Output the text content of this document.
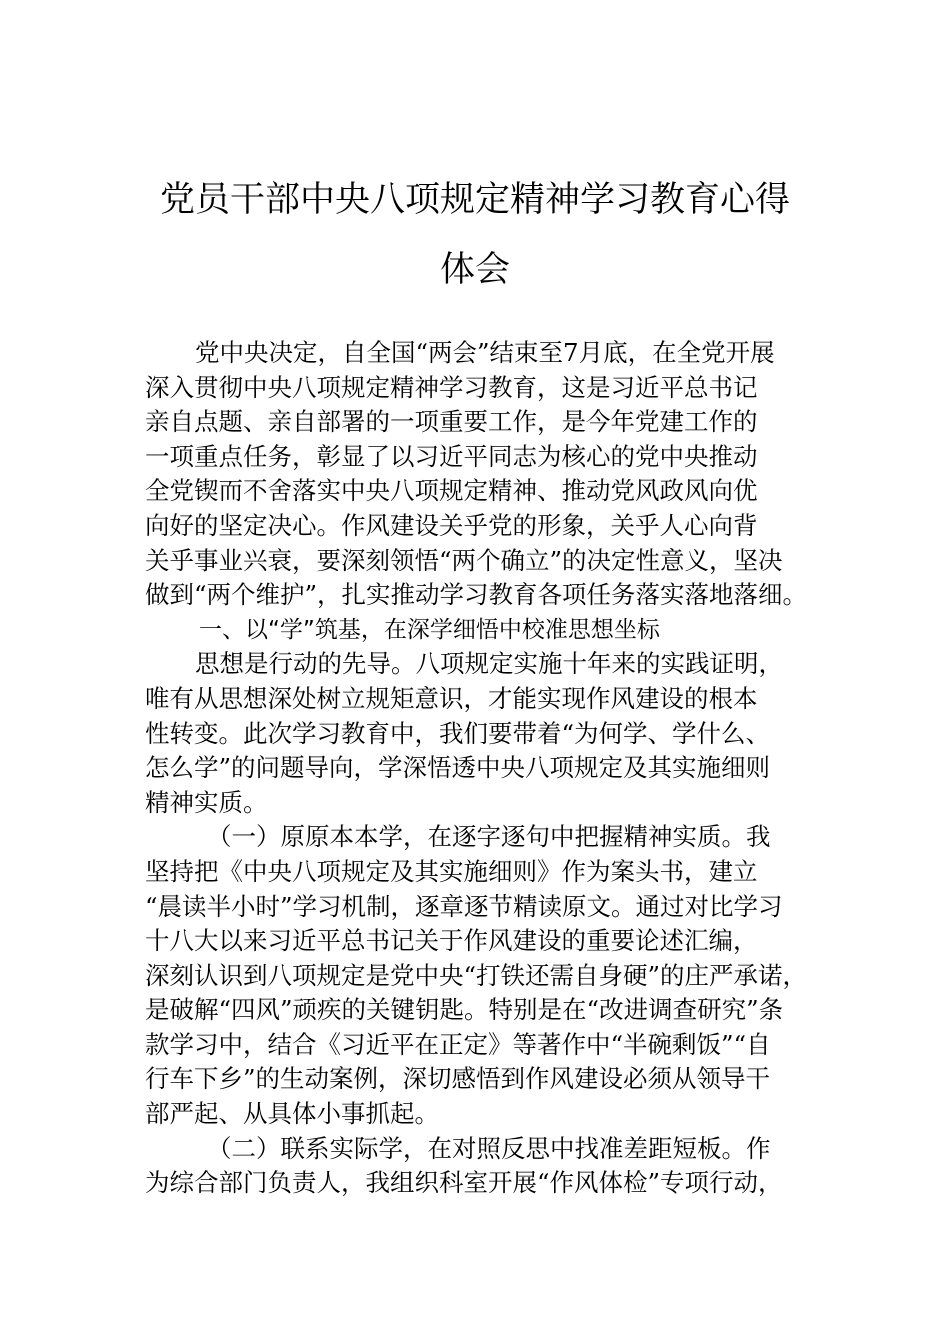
党员干部中央八项规定精神学习教育心得
体会
党中央决定，自全国“两会”结束至7月底，在全党开展
深入贯彻中央八项规定精神学习教育，这是习近平总书记
亲自点题、亲自部署的一项重要工作，是今年党建工作的
一项重点任务，彰显了以习近平同志为核心的党中央推动
全党锲而不舍落实中央八项规定精神、推动党风政风向优
向好的坚定决心。作风建设关乎党的形象，关乎人心向背
关乎事业兴衰，要深刻领悟“两个确立”的决定性意义，坚决
做到“两个维护”，扎实推动学习教育各项任务落实落地落细。
一、以“学”筑基，在深学细悟中校准思想坐标
思想是行动的先导。八项规定实施十年来的实践证明，
唯有从思想深处树立规矩意识，才能实现作风建设的根本
性转变。此次学习教育中，我们要带着“为何学、学什么、
怎么学”的问题导向，学深悟透中央八项规定及其实施细则
精神实质。
（一）原原本本学，在逐字逐句中把握精神实质。我
坚持把《中央八项规定及其实施细则》作为案头书，建立
“晨读半小时”学习机制，逐章逐节精读原文。通过对比学习
十八大以来习近平总书记关于作风建设的重要论述汇编，
深刻认识到八项规定是党中央“打铁还需自身硬”的庄严承诺，
是破解“四风”顽疾的关键钥匙。特别是在“改进调查研究”条
款学习中，结合《习近平在正定》等著作中“半碗剩饭”“自
行车下乡”的生动案例，深切感悟到作风建设必须从领导干
部严起、从具体小事抓起。
（二）联系实际学，在对照反思中找准差距短板。作
为综合部门负责人，我组织科室开展“作风体检”专项行动，
